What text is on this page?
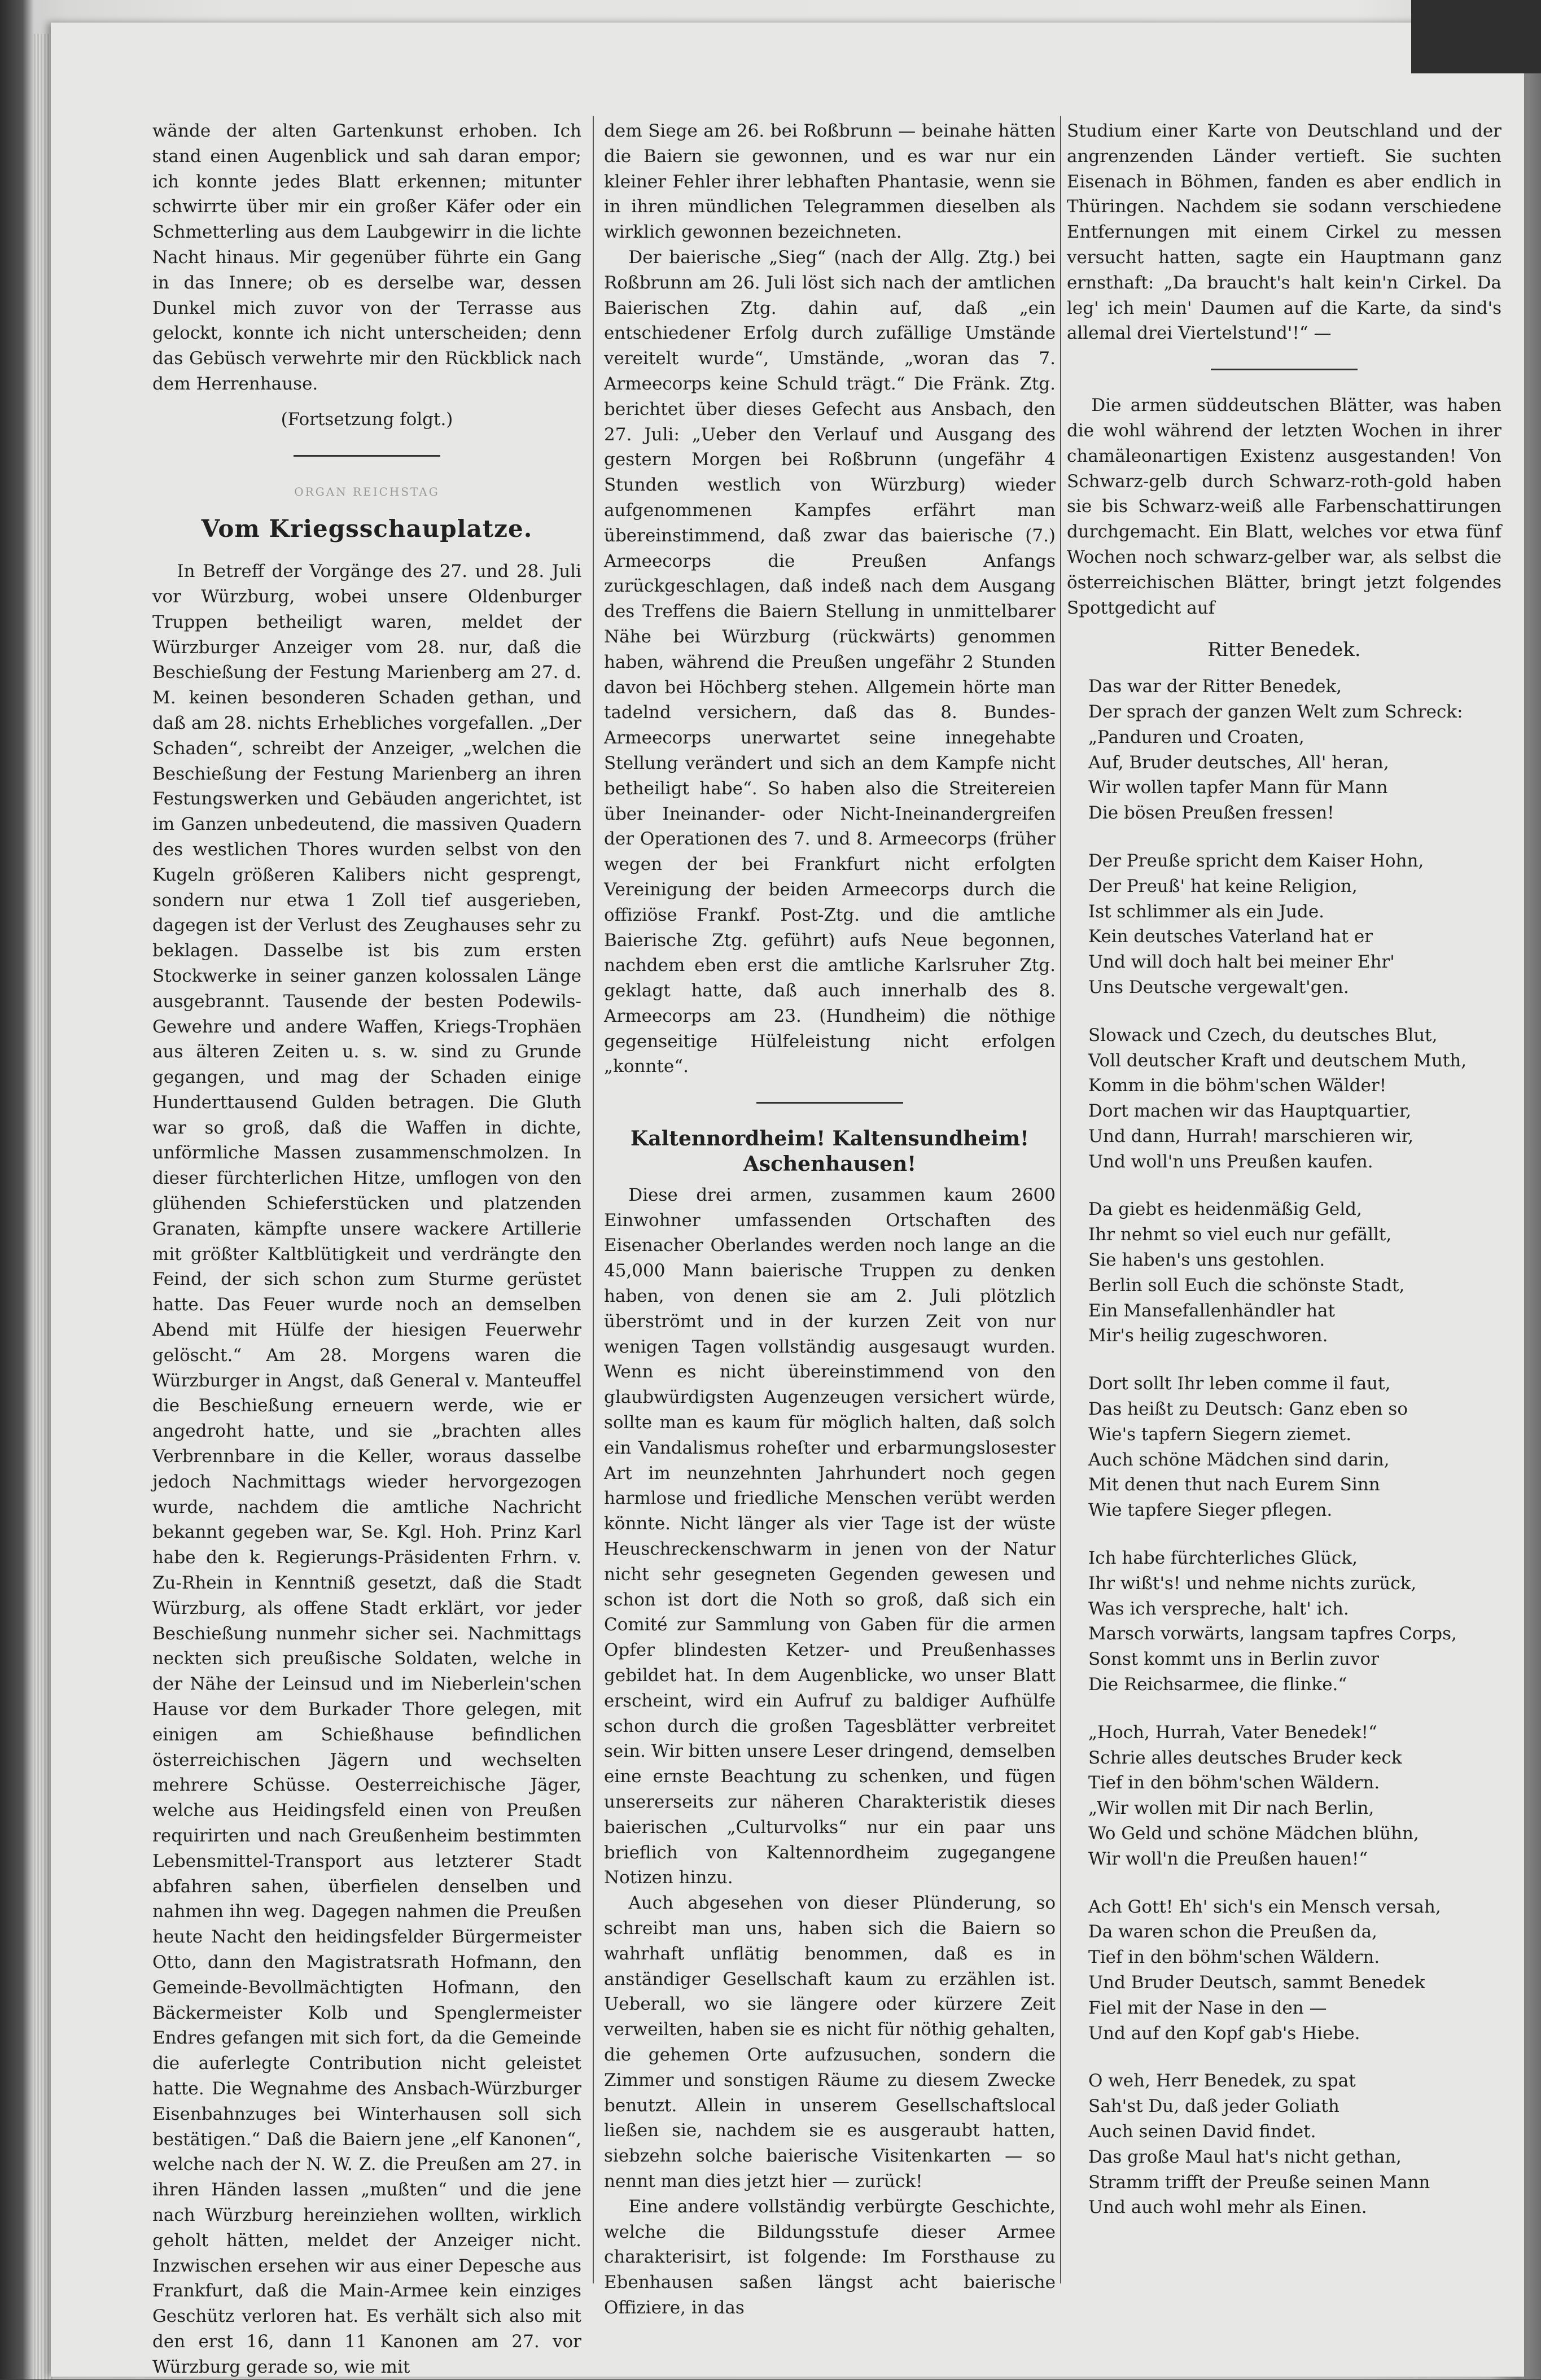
wände der alten Gartenkunst erhoben. Ich stand einen Augenblick und sah daran empor; ich konnte jedes Blatt erkennen; mitunter schwirrte über mir ein großer Käfer oder ein Schmetterling aus dem Laubgewirr in die lichte Nacht hinaus. Mir gegenüber führte ein Gang in das Innere; ob es derselbe war, dessen Dunkel mich zuvor von der Terrasse aus gelockt, konnte ich nicht unterscheiden; denn das Gebüsch verwehrte mir den Rückblick nach dem Herrenhause.

(Fortsetzung folgt.)

ORGAN REICHSTAG

Vom Kriegsschauplatze.

In Betreff der Vorgänge des 27. und 28. Juli vor Würzburg, wobei unsere Oldenburger Truppen betheiligt waren, meldet der Würzburger Anzeiger vom 28. nur, daß die Beschießung der Festung Marienberg am 27. d. M. keinen besonderen Schaden gethan, und daß am 28. nichts Erhebliches vorgefallen. „Der Schaden“, schreibt der Anzeiger, „welchen die Beschießung der Festung Marienberg an ihren Festungswerken und Gebäuden angerichtet, ist im Ganzen unbedeutend, die massiven Quadern des westlichen Thores wurden selbst von den Kugeln größeren Kalibers nicht gesprengt, sondern nur etwa 1 Zoll tief ausgerieben, dagegen ist der Verlust des Zeughauses sehr zu beklagen. Dasselbe ist bis zum ersten Stockwerke in seiner ganzen kolossalen Länge ausgebrannt. Tausende der besten Podewils-Gewehre und andere Waffen, Kriegs-Trophäen aus älteren Zeiten u. s. w. sind zu Grunde gegangen, und mag der Schaden einige Hunderttausend Gulden betragen. Die Gluth war so groß, daß die Waffen in dichte, unförmliche Massen zusammenschmolzen. In dieser fürchterlichen Hitze, umflogen von den glühenden Schieferstücken und platzenden Granaten, kämpfte unsere wackere Artillerie mit größter Kaltblütigkeit und verdrängte den Feind, der sich schon zum Sturme gerüstet hatte. Das Feuer wurde noch an demselben Abend mit Hülfe der hiesigen Feuerwehr gelöscht.“ Am 28. Morgens waren die Würzburger in Angst, daß General v. Manteuffel die Beschießung erneuern werde, wie er angedroht hatte, und sie „brachten alles Verbrennbare in die Keller, woraus dasselbe jedoch Nachmittags wieder hervorgezogen wurde, nachdem die amtliche Nachricht bekannt gegeben war, Se. Kgl. Hoh. Prinz Karl habe den k. Regierungs-Präsidenten Frhrn. v. Zu-Rhein in Kenntniß gesetzt, daß die Stadt Würzburg, als offene Stadt erklärt, vor jeder Beschießung nunmehr sicher sei. Nachmittags neckten sich preußische Soldaten, welche in der Nähe der Leinsud und im Nieberlein'schen Hause vor dem Burkader Thore gelegen, mit einigen am Schießhause befindlichen österreichischen Jägern und wechselten mehrere Schüsse. Oesterreichische Jäger, welche aus Heidingsfeld einen von Preußen requirirten und nach Greußenheim bestimmten Lebensmittel-Transport aus letzterer Stadt abfahren sahen, überfielen denselben und nahmen ihn weg. Dagegen nahmen die Preußen heute Nacht den heidingsfelder Bürgermeister Otto, dann den Magistratsrath Hofmann, den Gemeinde-Bevollmächtigten Hofmann, den Bäckermeister Kolb und Spenglermeister Endres gefangen mit sich fort, da die Gemeinde die auferlegte Contribution nicht geleistet hatte. Die Wegnahme des Ansbach-Würzburger Eisenbahnzuges bei Winterhausen soll sich bestätigen.“ Daß die Baiern jene „elf Kanonen“, welche nach der N. W. Z. die Preußen am 27. in ihren Händen lassen „mußten“ und die jene nach Würzburg hereinziehen wollten, wirklich geholt hätten, meldet der Anzeiger nicht. Inzwischen ersehen wir aus einer Depesche aus Frankfurt, daß die Main-Armee kein einziges Geschütz verloren hat. Es verhält sich also mit den erst 16, dann 11 Kanonen am 27. vor Würzburg gerade so, wie mit

dem Siege am 26. bei Roßbrunn — beinahe hätten die Baiern sie gewonnen, und es war nur ein kleiner Fehler ihrer lebhaften Phantasie, wenn sie in ihren mündlichen Telegrammen dieselben als wirklich gewonnen bezeichneten.

Der baierische „Sieg“ (nach der Allg. Ztg.) bei Roßbrunn am 26. Juli löst sich nach der amtlichen Baierischen Ztg. dahin auf, daß „ein entschiedener Erfolg durch zufällige Umstände vereitelt wurde“, Umstände, „woran das 7. Armeecorps keine Schuld trägt.“ Die Fränk. Ztg. berichtet über dieses Gefecht aus Ansbach, den 27. Juli: „Ueber den Verlauf und Ausgang des gestern Morgen bei Roßbrunn (ungefähr 4 Stunden westlich von Würzburg) wieder aufgenommenen Kampfes erfährt man übereinstimmend, daß zwar das baierische (7.) Armeecorps die Preußen Anfangs zurückgeschlagen, daß indeß nach dem Ausgang des Treffens die Baiern Stellung in unmittelbarer Nähe bei Würzburg (rückwärts) genommen haben, während die Preußen ungefähr 2 Stunden davon bei Höchberg stehen. Allgemein hörte man tadelnd versichern, daß das 8. Bundes-Armeecorps unerwartet seine innegehabte Stellung verändert und sich an dem Kampfe nicht betheiligt habe“. So haben also die Streitereien über Ineinander- oder Nicht-Ineinandergreifen der Operationen des 7. und 8. Armeecorps (früher wegen der bei Frankfurt nicht erfolgten Vereinigung der beiden Armeecorps durch die offiziöse Frankf. Post-Ztg. und die amtliche Baierische Ztg. geführt) aufs Neue begonnen, nachdem eben erst die amtliche Karlsruher Ztg. geklagt hatte, daß auch innerhalb des 8. Armeecorps am 23. (Hundheim) die nöthige gegenseitige Hülfeleistung nicht erfolgen „konnte“.

Kaltennordheim! Kaltensundheim! Aschenhausen!

Diese drei armen, zusammen kaum 2600 Einwohner umfassenden Ortschaften des Eisenacher Oberlandes werden noch lange an die 45,000 Mann baierische Truppen zu denken haben, von denen sie am 2. Juli plötzlich überströmt und in der kurzen Zeit von nur wenigen Tagen vollständig ausgesaugt wurden. Wenn es nicht übereinstimmend von den glaubwürdigsten Augenzeugen versichert würde, sollte man es kaum für möglich halten, daß solch ein Vandalismus roheſter und erbarmungslosester Art im neunzehnten Jahrhundert noch gegen harmlose und friedliche Menschen verübt werden könnte. Nicht länger als vier Tage ist der wüste Heuschreckenschwarm in jenen von der Natur nicht sehr gesegneten Gegenden gewesen und schon ist dort die Noth so groß, daß sich ein Comité zur Sammlung von Gaben für die armen Opfer blindesten Ketzer- und Preußenhasses gebildet hat. In dem Augenblicke, wo unser Blatt erscheint, wird ein Aufruf zu baldiger Aufhülfe schon durch die großen Tagesblätter verbreitet sein. Wir bitten unsere Leser dringend, demselben eine ernste Beachtung zu schenken, und fügen unsererseits zur näheren Charakteristik dieses baierischen „Culturvolks“ nur ein paar uns brieflich von Kaltennordheim zugegangene Notizen hinzu.

Auch abgesehen von dieser Plünderung, so schreibt man uns, haben sich die Baiern so wahrhaft unflätig benommen, daß es in anständiger Gesellschaft kaum zu erzählen ist. Ueberall, wo sie längere oder kürzere Zeit verweilten, haben sie es nicht für nöthig gehalten, die gehemen Orte aufzusuchen, sondern die Zimmer und sonstigen Räume zu diesem Zwecke benutzt. Allein in unserem Gesellschaftslocal ließen sie, nachdem sie es ausgeraubt hatten, siebzehn solche baierische Visitenkarten — so nennt man dies jetzt hier — zurück!

Eine andere vollständig verbürgte Geschichte, welche die Bildungsstufe dieser Armee charakterisirt, ist folgende: Im Forsthause zu Ebenhausen saßen längst acht baierische Offiziere, in das

Studium einer Karte von Deutschland und der angrenzenden Länder vertieft. Sie suchten Eisenach in Böhmen, fanden es aber endlich in Thüringen. Nachdem sie sodann verschiedene Entfernungen mit einem Cirkel zu messen versucht hatten, sagte ein Hauptmann ganz ernsthaft: „Da braucht's halt kein'n Cirkel. Da leg' ich mein' Daumen auf die Karte, da sind's allemal drei Viertelstund'!“ —

Die armen süddeutschen Blätter, was haben die wohl während der letzten Wochen in ihrer chamäleonartigen Existenz ausgestanden! Von Schwarz-gelb durch Schwarz-roth-gold haben sie bis Schwarz-weiß alle Farbenschattirungen durchgemacht. Ein Blatt, welches vor etwa fünf Wochen noch schwarz-gelber war, als selbst die österreichischen Blätter, bringt jetzt folgendes Spottgedicht auf

Ritter Benedek.
Das war der Ritter Benedek,
Der sprach der ganzen Welt zum Schreck:
„Panduren und Croaten,
Auf, Bruder deutsches, All' heran,
Wir wollen tapfer Mann für Mann
Die bösen Preußen fressen!
Der Preuße spricht dem Kaiser Hohn,
Der Preuß' hat keine Religion,
Ist schlimmer als ein Jude.
Kein deutsches Vaterland hat er
Und will doch halt bei meiner Ehr'
Uns Deutsche vergewalt'gen.
Slowack und Czech, du deutsches Blut,
Voll deutscher Kraft und deutschem Muth,
Komm in die böhm'schen Wälder!
Dort machen wir das Hauptquartier,
Und dann, Hurrah! marschieren wir,
Und woll'n uns Preußen kaufen.
Da giebt es heidenmäßig Geld,
Ihr nehmt so viel euch nur gefällt,
Sie haben's uns gestohlen.
Berlin soll Euch die schönste Stadt,
Ein Mansefallenhändler hat
Mir's heilig zugeschworen.
Dort sollt Ihr leben comme il faut,
Das heißt zu Deutsch: Ganz eben so
Wie's tapfern Siegern ziemet.
Auch schöne Mädchen sind darin,
Mit denen thut nach Eurem Sinn
Wie tapfere Sieger pflegen.
Ich habe fürchterliches Glück,
Ihr wißt's! und nehme nichts zurück,
Was ich verspreche, halt' ich.
Marsch vorwärts, langsam tapfres Corps,
Sonst kommt uns in Berlin zuvor
Die Reichsarmee, die flinke.“
„Hoch, Hurrah, Vater Benedek!“
Schrie alles deutsches Bruder keck
Tief in den böhm'schen Wäldern.
„Wir wollen mit Dir nach Berlin,
Wo Geld und schöne Mädchen blühn,
Wir woll'n die Preußen hauen!“
Ach Gott! Eh' sich's ein Mensch versah,
Da waren schon die Preußen da,
Tief in den böhm'schen Wäldern.
Und Bruder Deutsch, sammt Benedek
Fiel mit der Nase in den —
Und auf den Kopf gab's Hiebe.
O weh, Herr Benedek, zu spat
Sah'st Du, daß jeder Goliath
Auch seinen David findet.
Das große Maul hat's nicht gethan,
Stramm trifft der Preuße seinen Mann
Und auch wohl mehr als Einen.
